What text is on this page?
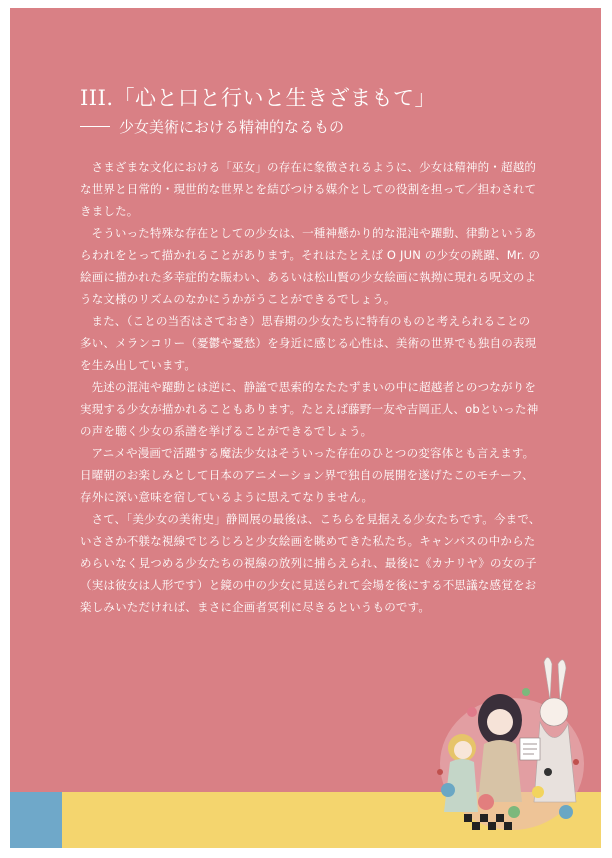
III.「心と口と行いと生きざまもて」
少女美術における精神的なるもの

さまざまな文化における「巫女」の存在に象徴されるように、少女は精神的・超越的な世界と日常的・現世的な世界とを結びつける媒介としての役割を担って／担わされてきました。

そういった特殊な存在としての少女は、一種神懸かり的な混沌や躍動、律動というあらわれをとって描かれることがあります。それはたとえば O JUN の少女の跳躍、Mr. の絵画に描かれた多幸症的な賑わい、あるいは松山賢の少女絵画に執拗に現れる呪文のような文様のリズムのなかにうかがうことができるでしょう。

また、（ことの当否はさておき）思春期の少女たちに特有のものと考えられることの多い、メランコリー（憂鬱や憂愁）を身近に感じる心性は、美術の世界でも独自の表現を生み出しています。

先述の混沌や躍動とは逆に、静謐で思索的なたたずまいの中に超越者とのつながりを実現する少女が描かれることもあります。たとえば藤野一友や吉岡正人、obといった神の声を聴く少女の系譜を挙げることができるでしょう。

アニメや漫画で活躍する魔法少女はそういった存在のひとつの変容体とも言えます。日曜朝のお楽しみとして日本のアニメーション界で独自の展開を遂げたこのモチーフ、存外に深い意味を宿しているように思えてなりません。

さて、「美少女の美術史」静岡展の最後は、こちらを見据える少女たちです。今まで、いささか不躾な視線でじろじろと少女絵画を眺めてきた私たち。キャンバスの中からためらいなく見つめる少女たちの視線の放列に捕らえられ、最後に《カナリヤ》の女の子（実は彼女は人形です）と鏡の中の少女に見送られて会場を後にする不思議な感覚をお楽しみいただければ、まさに企画者冥利に尽きるというものです。
